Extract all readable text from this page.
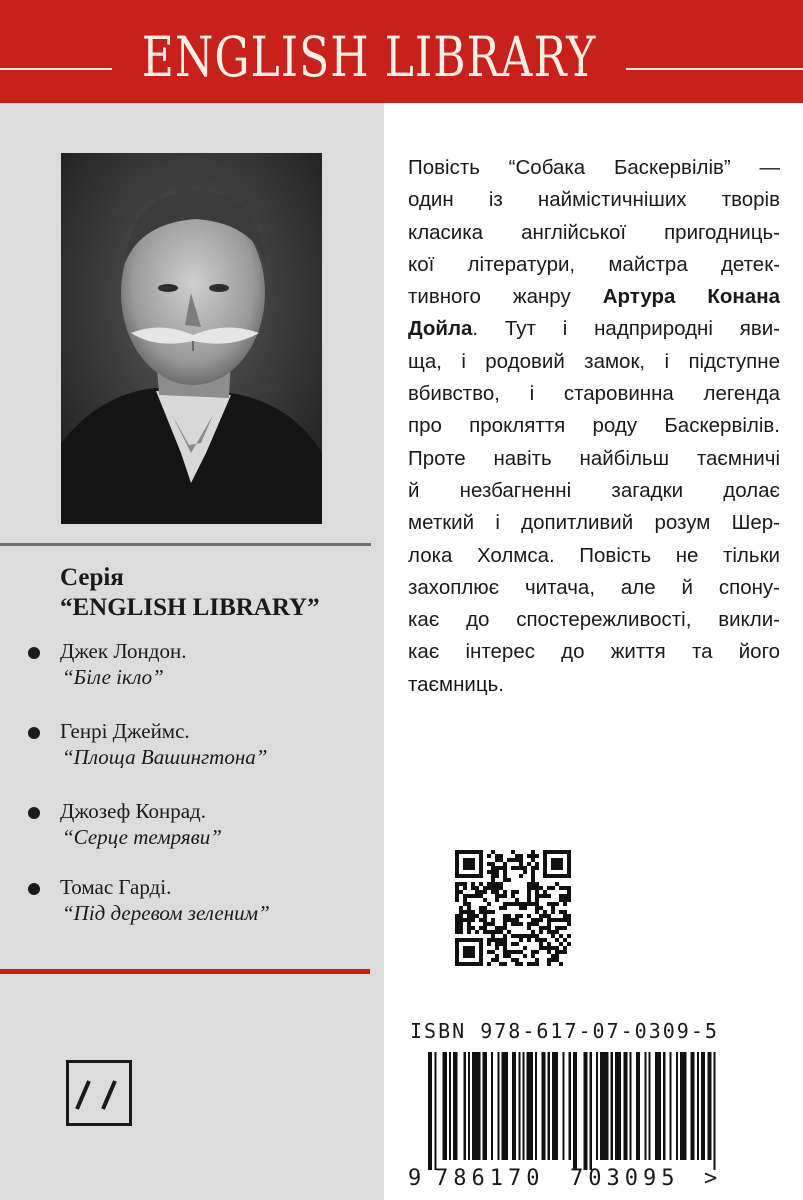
ENGLISH LIBRARY
Серія
“ENGLISH LIBRARY”
Джек Лондон.
“Біле ікло”
Генрі Джеймс.
“Площа Вашингтона”
Джозеф Конрад.
“Серце темряви”
Томас Гарді.
“Під деревом зеленим”
Повість “Собака Баскервілів” —
один із наймістичніших творів
класика англійської пригодниць-
кої літератури, майстра детек-
тивного жанру Артура Конана
Дойла. Тут і надприродні яви-
ща, і родовий замок, і підступне
вбивство, і старовинна легенда
про прокляття роду Баскервілів.
Проте навіть найбільш таємничі
й незбагненні загадки долає
меткий і допитливий розум Шер-
лока Холмса. Повість не тільки
захоплює читача, але й спону-
кає до спостережливості, викли-
кає інтерес до життя та його
таємниць.
ISBN 978-617-07-0309-5
9 786170 703095 >
